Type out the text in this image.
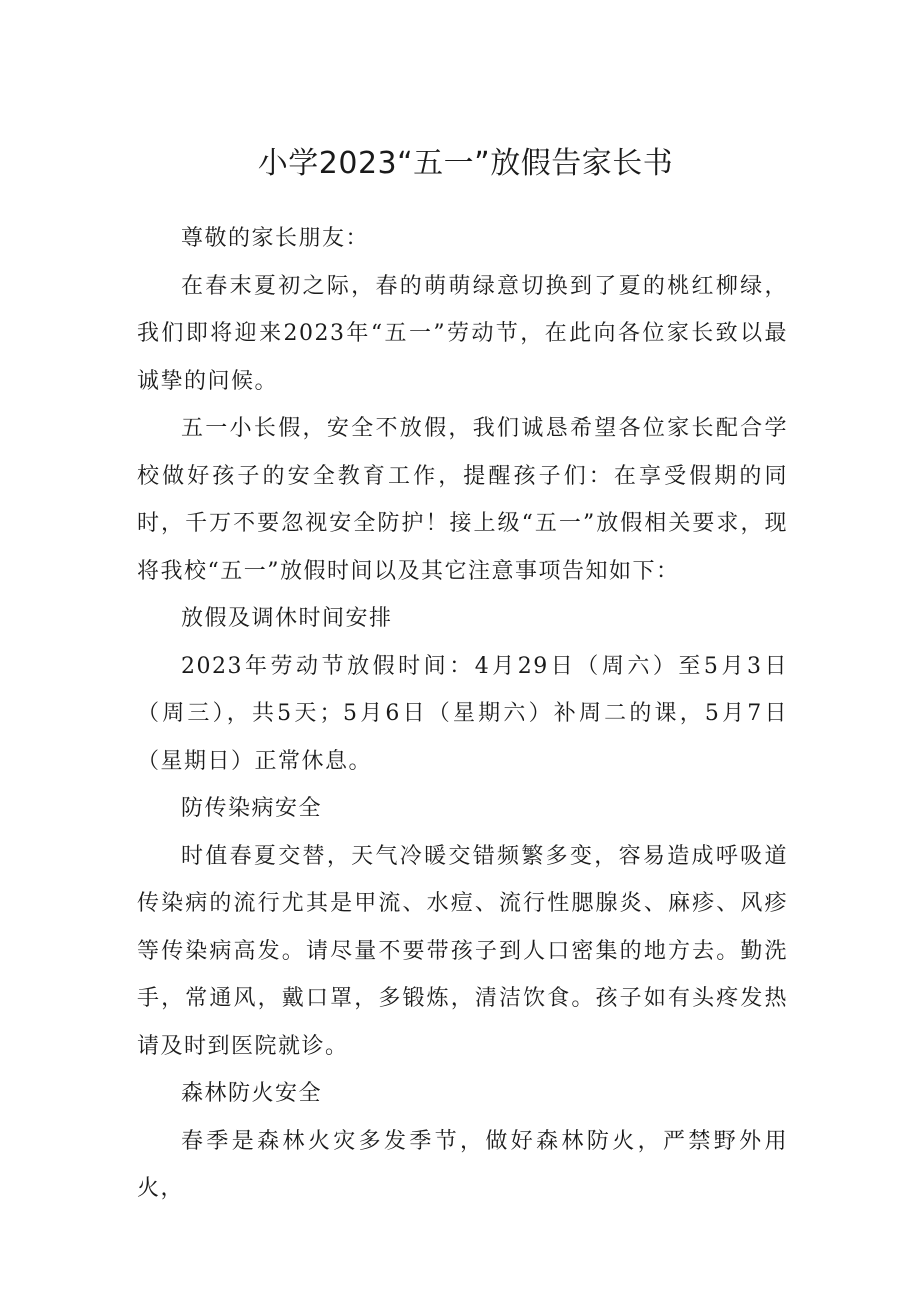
小学2023“五一”放假告家长书

尊敬的家长朋友：

在春末夏初之际，春的萌萌绿意切换到了夏的桃红柳绿，我们即将迎来2023年“五一”劳动节，在此向各位家长致以最诚挚的问候。

五一小长假，安全不放假，我们诚恳希望各位家长配合学校做好孩子的安全教育工作，提醒孩子们：在享受假期的同时，千万不要忽视安全防护！接上级“五一”放假相关要求，现将我校“五一”放假时间以及其它注意事项告知如下：

放假及调休时间安排

2023年劳动节放假时间：4月29日（周六）至5月3日（周三），共5天；5月6日（星期六）补周二的课，5月7日（星期日）正常休息。

防传染病安全

时值春夏交替，天气冷暖交错频繁多变，容易造成呼吸道传染病的流行尤其是甲流、水痘、流行性腮腺炎、麻疹、风疹等传染病高发。请尽量不要带孩子到人口密集的地方去。勤洗手，常通风，戴口罩，多锻炼，清洁饮食。孩子如有头疼发热请及时到医院就诊。

森林防火安全

春季是森林火灾多发季节，做好森林防火，严禁野外用火，
